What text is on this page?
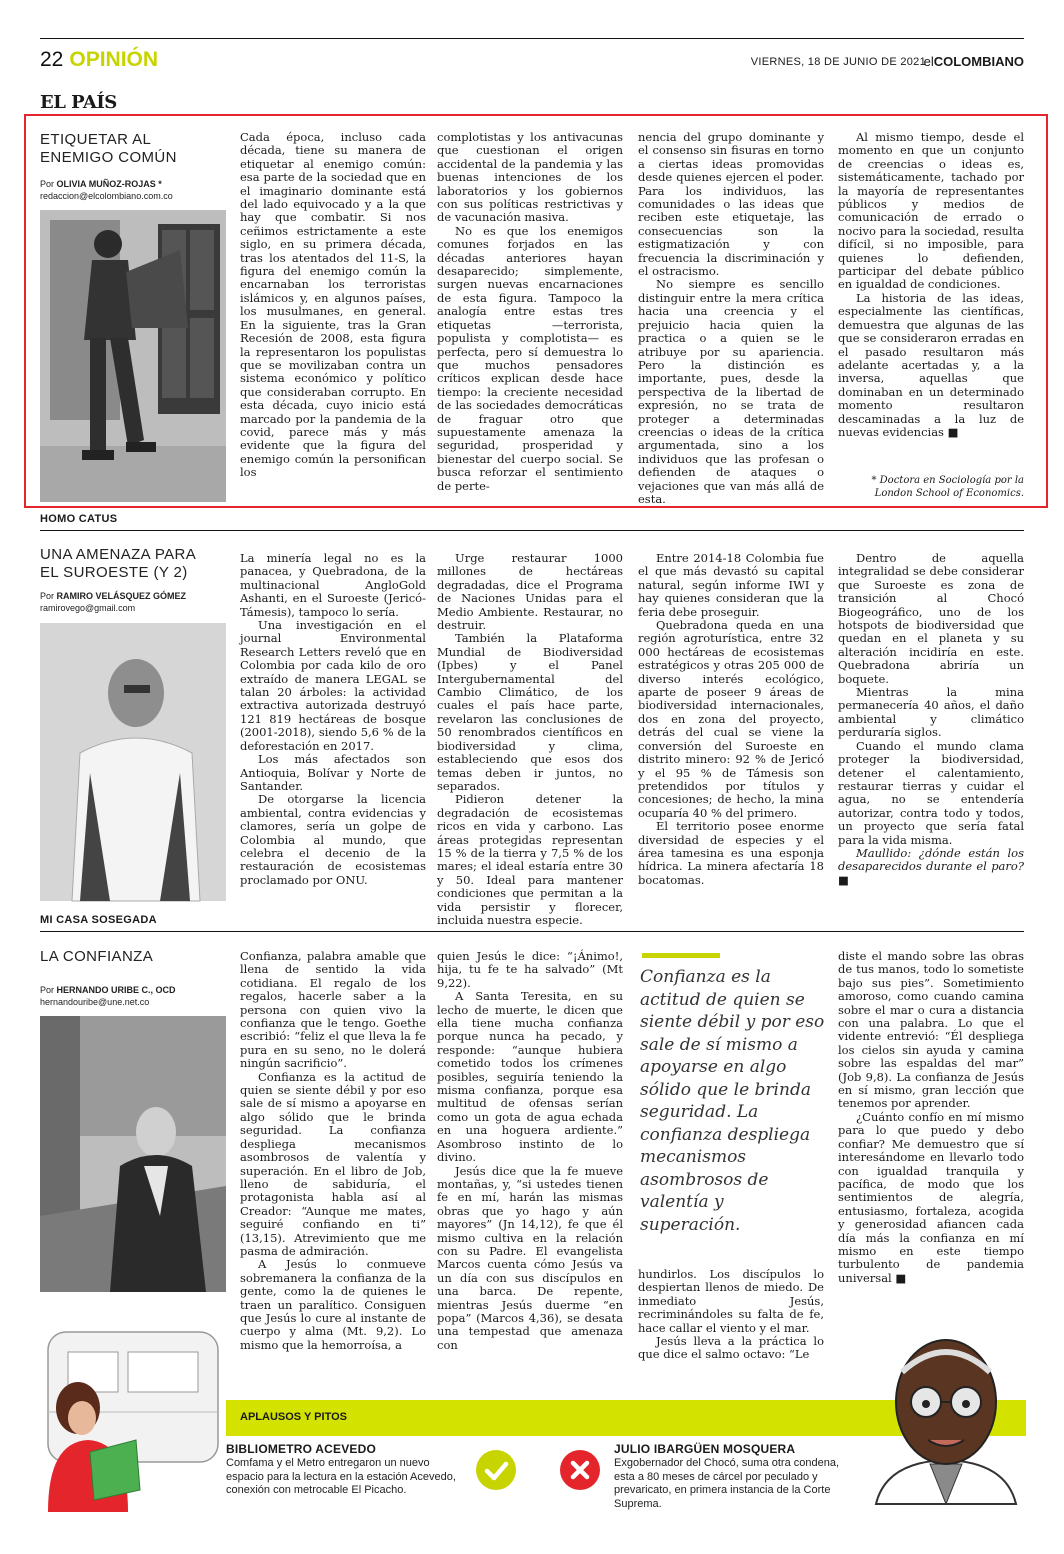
22 OPINIÓN	VIERNES, 18 DE JUNIO DE 2021
elCOLOMBIANO
EL PAÍS
ETIQUETAR AL
ENEMIGO COMÚN
Por OLIVIA MUÑOZ-ROJAS *
redaccion@elcolombiano.com.co

Cada época, incluso cada década, tiene su manera de etiquetar al enemigo común: esa parte de la sociedad que en el imaginario dominante está del lado equivocado y a la que hay que combatir. Si nos ceñimos estrictamente a este siglo, en su primera década, tras los atentados del 11-S, la figura del enemigo común la encarnaban los terroristas islámicos y, en algunos países, los musulmanes, en general. En la siguiente, tras la Gran Recesión de 2008, esta figura la representaron los populistas que se movilizaban contra un sistema económico y político que consideraban corrupto. En esta década, cuyo inicio está marcado por la pandemia de la covid, parece más y más evidente que la figura del enemigo común la personifican los

complotistas y los antivacunas que cuestionan el origen accidental de la pandemia y las buenas intenciones de los laboratorios y los gobiernos con sus políticas restrictivas y de vacunación masiva.

No es que los enemigos comunes forjados en las décadas anteriores hayan desaparecido; simplemente, surgen nuevas encarnaciones de esta figura. Tampoco la analogía entre estas tres etiquetas —terrorista, populista y complotista— es perfecta, pero sí demuestra lo que muchos pensadores críticos explican desde hace tiempo: la creciente necesidad de las sociedades democráticas de fraguar otro que supuestamente amenaza la seguridad, prosperidad y bienestar del cuerpo social. Se busca reforzar el sentimiento de perte-

nencia del grupo dominante y el consenso sin fisuras en torno a ciertas ideas promovidas desde quienes ejercen el poder. Para los individuos, las comunidades o las ideas que reciben este etiquetaje, las consecuencias son la estigmatización y con frecuencia la discriminación y el ostracismo.

No siempre es sencillo distinguir entre la mera crítica hacia una creencia y el prejuicio hacia quien la practica o a quien se le atribuye por su apariencia. Pero la distinción es importante, pues, desde la perspectiva de la libertad de expresión, no se trata de proteger a determinadas creencias o ideas de la crítica argumentada, sino a los individuos que las profesan o defienden de ataques o vejaciones que van más allá de esta.

Al mismo tiempo, desde el momento en que un conjunto de creencias o ideas es, sistemáticamente, tachado por la mayoría de representantes públicos y medios de comunicación de errado o nocivo para la sociedad, resulta difícil, si no imposible, para quienes lo defienden, participar del debate público en igualdad de condiciones.

La historia de las ideas, especialmente las científicas, demuestra que algunas de las que se consideraron erradas en el pasado resultaron más adelante acertadas y, a la inversa, aquellas que dominaban en un determinado momento resultaron descaminadas a la luz de nuevas evidencias ■

* Doctora en Sociología por la
London School of Economics.
HOMO CATUS
UNA AMENAZA PARA
EL SUROESTE (Y 2)
Por RAMIRO VELÁSQUEZ GÓMEZ
ramirovego@gmail.com

La minería legal no es la panacea, y Quebradona, de la multinacional AngloGold Ashanti, en el Suroeste (Jericó-Támesis), tampoco lo sería.

Una investigación en el journal Environmental Research Letters reveló que en Colombia por cada kilo de oro extraído de manera LEGAL se talan 20 árboles: la actividad extractiva autorizada destruyó 121 819 hectáreas de bosque (2001-2018), siendo 5,6 % de la deforestación en 2017.

Los más afectados son Antioquia, Bolívar y Norte de Santander.

De otorgarse la licencia ambiental, contra evidencias y clamores, sería un golpe de Colombia al mundo, que celebra el decenio de la restauración de ecosistemas proclamado por ONU.

Urge restaurar 1000 millones de hectáreas degradadas, dice el Programa de Naciones Unidas para el Medio Ambiente. Restaurar, no destruir.

También la Plataforma Mundial de Biodiversidad (Ipbes) y el Panel Intergubernamental del Cambio Climático, de los cuales el país hace parte, revelaron las conclusiones de 50 renombrados científicos en biodiversidad y clima, estableciendo que esos dos temas deben ir juntos, no separados.

Pidieron detener la degradación de ecosistemas ricos en vida y carbono. Las áreas protegidas representan 15 % de la tierra y 7,5 % de los mares; el ideal estaría entre 30 y 50. Ideal para mantener condiciones que permitan a la vida persistir y florecer, incluida nuestra especie.

Entre 2014-18 Colombia fue el que más devastó su capital natural, según informe IWI y hay quienes consideran que la feria debe proseguir.

Quebradona queda en una región agroturística, entre 32 000 hectáreas de ecosistemas estratégicos y otras 205 000 de diverso interés ecológico, aparte de poseer 9 áreas de biodiversidad internacionales, dos en zona del proyecto, detrás del cual se viene la conversión del Suroeste en distrito minero: 92 % de Jericó y el 95 % de Támesis son pretendidos por títulos y concesiones; de hecho, la mina ocuparía 40 % del primero.

El territorio posee enorme diversidad de especies y el área tamesina es una esponja hídrica. La minera afectaría 18 bocatomas.

Dentro de aquella integralidad se debe considerar que Suroeste es zona de transición al Chocó Biogeográfico, uno de los hotspots de biodiversidad que quedan en el planeta y su alteración incidiría en este. Quebradona abriría un boquete.

Mientras la mina permanecería 40 años, el daño ambiental y climático perduraría siglos.

Cuando el mundo clama proteger la biodiversidad, detener el calentamiento, restaurar tierras y cuidar el agua, no se entendería autorizar, contra todo y todos, un proyecto que sería fatal para la vida misma.

Maullido: ¿dónde están los desaparecidos durante el paro? ■

MI CASA SOSEGADA
LA CONFIANZA
Por HERNANDO URIBE C., OCD
hernandouribe@une.net.co

Confianza, palabra amable que llena de sentido la vida cotidiana. El regalo de los regalos, hacerle saber a la persona con quien vivo la confianza que le tengo. Goethe escribió: “feliz el que lleva la fe pura en su seno, no le dolerá ningún sacrificio”.

Confianza es la actitud de quien se siente débil y por eso sale de sí mismo a apoyarse en algo sólido que le brinda seguridad. La confianza despliega mecanismos asombrosos de valentía y superación. En el libro de Job, lleno de sabiduría, el protagonista habla así al Creador: “Aunque me mates, seguiré confiando en ti” (13,15). Atrevimiento que me pasma de admiración.

A Jesús lo conmueve sobremanera la confianza de la gente, como la de quienes le traen un paralítico. Consiguen que Jesús lo cure al instante de cuerpo y alma (Mt. 9,2). Lo mismo que la hemorroísa, a

quien Jesús le dice: “¡Ánimo!, hija, tu fe te ha salvado” (Mt 9,22).

A Santa Teresita, en su lecho de muerte, le dicen que ella tiene mucha confianza porque nunca ha pecado, y responde: “aunque hubiera cometido todos los crímenes posibles, seguiría teniendo la misma confianza, porque esa multitud de ofensas serían como un gota de agua echada en una hoguera ardiente.” Asombroso instinto de lo divino.

Jesús dice que la fe mueve montañas, y, “si ustedes tienen fe en mí, harán las mismas obras que yo hago y aún mayores” (Jn 14,12), fe que él mismo cultiva en la relación con su Padre. El evangelista Marcos cuenta cómo Jesús va un día con sus discípulos en una barca. De repente, mientras Jesús duerme “en popa” (Marcos 4,36), se desata una tempestad que amenaza con

Confianza es la actitud de quien se siente débil y por eso sale de sí mismo a apoyarse en algo sólido que le brinda seguridad. La confianza despliega mecanismos asombrosos de valentía y superación.

hundirlos. Los discípulos lo despiertan llenos de miedo. De inmediato Jesús, recriminándoles su falta de fe, hace callar el viento y el mar.

Jesús lleva a la práctica lo que dice el salmo octavo: “Le

diste el mando sobre las obras de tus manos, todo lo sometiste bajo sus pies”. Sometimiento amoroso, como cuando camina sobre el mar o cura a distancia con una palabra. Lo que el vidente entrevió: “Él despliega los cielos sin ayuda y camina sobre las espaldas del mar” (Job 9,8). La confianza de Jesús en sí mismo, gran lección que tenemos por aprender.

¿Cuánto confío en mí mismo para lo que puedo y debo confiar? Me demuestro que sí interesándome en llevarlo todo con igualdad tranquila y pacífica, de modo que los sentimientos de alegría, entusiasmo, fortaleza, acogida y generosidad afiancen cada día más la confianza en mí mismo en este tiempo turbulento de pandemia universal ■

APLAUSOS Y PITOS
BIBLIOMETRO ACEVEDO
Comfama y el Metro entregaron un nuevo espacio para la lectura en la estación Acevedo, conexión con metrocable El Picacho.
JULIO IBARGÜEN MOSQUERA
Exgobernador del Chocó, suma otra condena, esta a 80 meses de cárcel por peculado y prevaricato, en primera instancia de la Corte Suprema.
